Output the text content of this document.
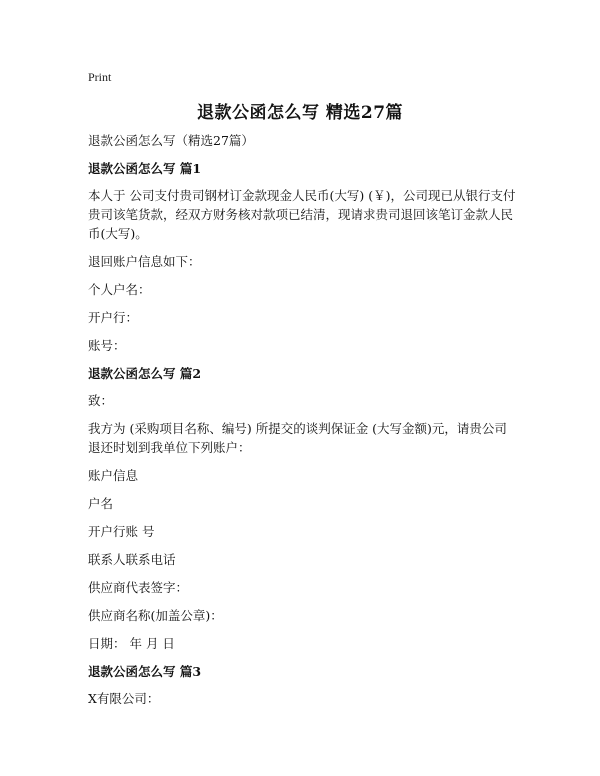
Print
退款公函怎么写 精选27篇
退款公函怎么写（精选27篇）
退款公函怎么写 篇1
本人于 公司支付贵司钢材订金款现金人民币(大写) (￥)，公司现已从银行支付贵司该笔货款，经双方财务核对款项已结清，现请求贵司退回该笔订金款人民币(大写)。
退回账户信息如下：
个人户名：
开户行：
账号：
退款公函怎么写 篇2
致：
我方为 (采购项目名称、编号) 所提交的谈判保证金 (大写金额)元，请贵公司退还时划到我单位下列账户：
账户信息
户名
开户行账 号
联系人联系电话
供应商代表签字：
供应商名称(加盖公章)：
日期： 年 月 日
退款公函怎么写 篇3
X有限公司：
